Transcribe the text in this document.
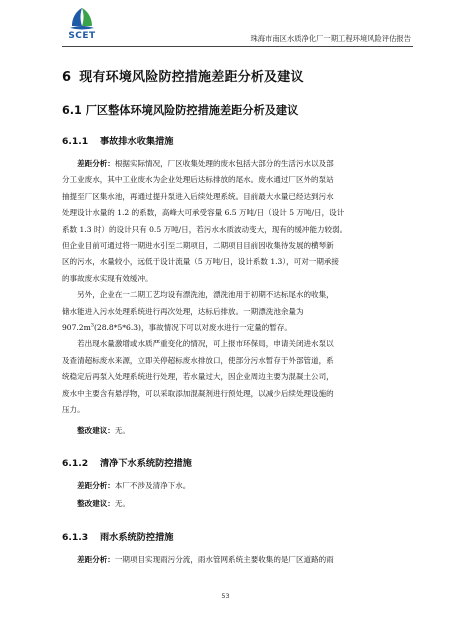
SCET	珠海市南区水质净化厂一期工程环境风险评估报告
6 现有环境风险防控措施差距分析及建议
6.1 厂区整体环境风险防控措施差距分析及建议
6.1.1 事故排水收集措施

差距分析：根据实际情况，厂区收集处理的废水包括大部分的生活污水以及部

分工业废水，其中工业废水为企业处理后达标排放的尾水。废水通过厂区外的泵站

抽提至厂区集水池，再通过提升泵进入后续处理系统。目前最大水量已经达到污水

处理设计水量的 1.2 的系数，高峰大可承受容量 6.5 万吨/日（设计 5 万吨/日，设计

系数 1.3 时）的设计只有 0.5 万吨/日，若污水水质波动变大，现有的缓冲能力较弱。

但企业目前可通过将一期进水引至二期项目，二期项目目前因收集待发展的横琴新

区的污水，水量较小，远低于设计流量（5 万吨/日，设计系数 1.3），可对一期承接

的事故废水实现有效缓冲。

另外，企业在一二期工艺均设有漂洗池，漂洗池用于初期不达标尾水的收集，

储水能进入污水处理系统进行再次处理，达标后排放。一期漂洗池余量为

$907.2m^3(28.8*5*6.3)$，事故情况下可以对废水进行一定量的暂存。

若出现水量激增或水质严重变化的情况，可上报市环保局，申请关闭进水泵以

及查清超标废水来源，立即关停超标废水排放口，使部分污水暂存于外部管道，系

统稳定后再泵入处理系统进行处理，若水量过大，因企业周边主要为混凝土公司，

废水中主要含有悬浮物，可以采取添加混凝剂进行预处理，以减少后续处理设施的

压力。

整改建议：无。

6.1.2 清净下水系统防控措施

差距分析：本厂不涉及清净下水。

整改建议：无。

6.1.3 雨水系统防控措施

差距分析：一期项目实现雨污分流，雨水管网系统主要收集的是厂区道路的雨

53
